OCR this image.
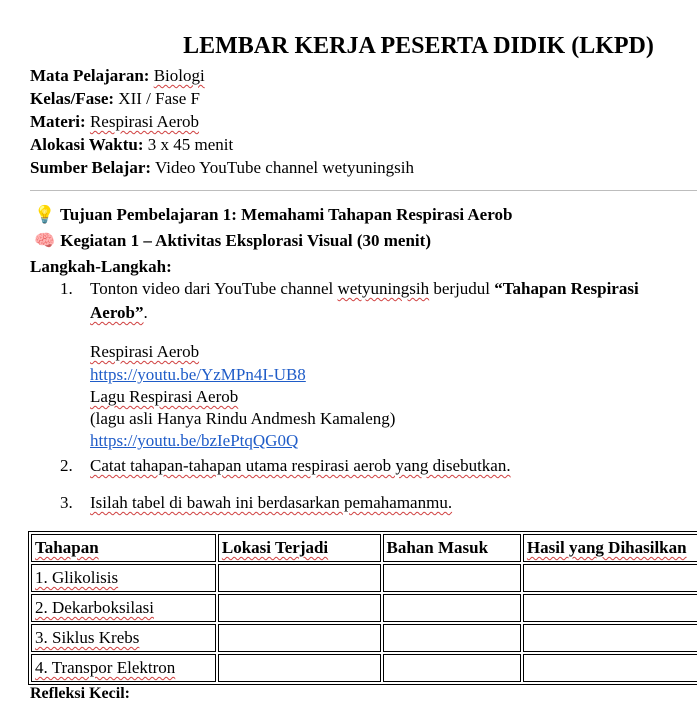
LEMBAR KERJA PESERTA DIDIK (LKPD)
Mata Pelajaran: Biologi
Kelas/Fase: XII / Fase F
Materi: Respirasi Aerob
Alokasi Waktu: 3 x 45 menit
Sumber Belajar: Video YouTube channel wetyuningsih
💡 Tujuan Pembelajaran 1: Memahami Tahapan Respirasi Aerob
🧠 Kegiatan 1 – Aktivitas Eksplorasi Visual (30 menit)
Langkah-Langkah:
1. Tonton video dari YouTube channel wetyuningsih berjudul “Tahapan Respirasi
Aerob”.
Respirasi Aerob
https://youtu.be/YzMPn4I-UB8
Lagu Respirasi Aerob
(lagu asli Hanya Rindu Andmesh Kamaleng)
https://youtu.be/bzIePtqQG0Q
2. Catat tahapan-tahapan utama respirasi aerob yang disebutkan.
3. Isilah tabel di bawah ini berdasarkan pemahamanmu.
Tahapan	Lokasi Terjadi	Bahan Masuk	Hasil yang Dihasilkan
1. Glikolisis			
2. Dekarboksilasi			
3. Siklus Krebs			
4. Transpor Elektron			
Refleksi Kecil:
